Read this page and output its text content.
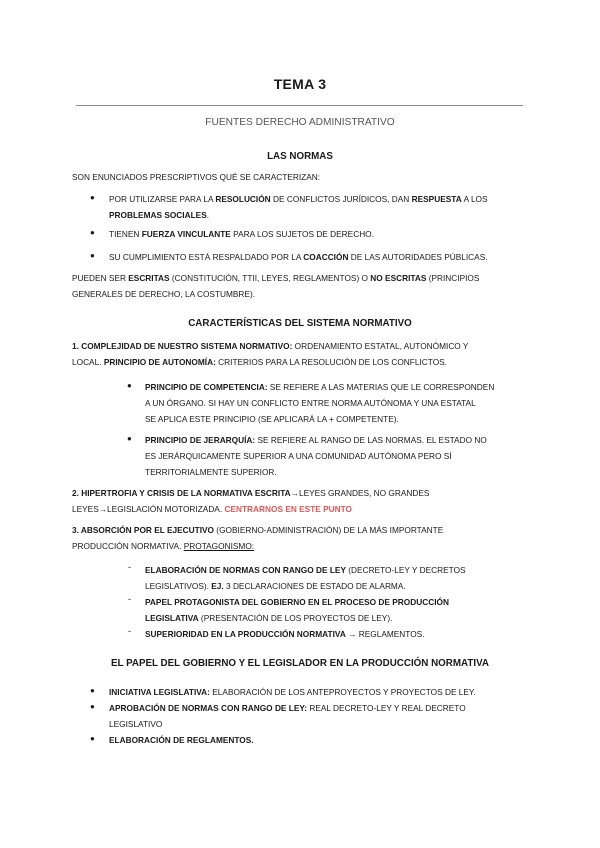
TEMA 3
FUENTES DERECHO ADMINISTRATIVO
LAS NORMAS
SON ENUNCIADOS PRESCRIPTIVOS QUÉ SE CARACTERIZAN:
● POR UTILIZARSE PARA LA RESOLUCIÓN DE CONFLICTOS JURÍDICOS, DAN RESPUESTA A LOS
PROBLEMAS SOCIALES.
● TIENEN FUERZA VINCULANTE PARA LOS SUJETOS DE DERECHO.
● SU CUMPLIMIENTO ESTÁ RESPALDADO POR LA COACCIÓN DE LAS AUTORIDADES PÚBLICAS.
PUEDEN SER ESCRITAS (CONSTITUCIÓN, TTII, LEYES, REGLAMENTOS) O NO ESCRITAS (PRINCIPIOS
GENERALES DE DERECHO, LA COSTUMBRE).
CARACTERÍSTICAS DEL SISTEMA NORMATIVO
1. COMPLEJIDAD DE NUESTRO SISTEMA NORMATIVO: ORDENAMIENTO ESTATAL, AUTONÓMICO Y
LOCAL. PRINCIPIO DE AUTONOMÍA: CRITERIOS PARA LA RESOLUCIÓN DE LOS CONFLICTOS.
● PRINCIPIO DE COMPETENCIA: SE REFIERE A LAS MATERIAS QUE LE CORRESPONDEN
A UN ÓRGANO. SI HAY UN CONFLICTO ENTRE NORMA AUTÓNOMA Y UNA ESTATAL
SE APLICA ESTE PRINCIPIO (SE APLICARÁ LA + COMPETENTE).
● PRINCIPIO DE JERARQUÍA: SE REFIERE AL RANGO DE LAS NORMAS. EL ESTADO NO
ES JERÁRQUICAMENTE SUPERIOR A UNA COMUNIDAD AUTÓNOMA PERO SÍ
TERRITORIALMENTE SUPERIOR.
2. HIPERTROFIA Y CRISIS DE LA NORMATIVA ESCRITA→LEYES GRANDES, NO GRANDES
LEYES→LEGISLACIÓN MOTORIZADA. CENTRARNOS EN ESTE PUNTO
3. ABSORCIÓN POR EL EJECUTIVO (GOBIERNO-ADMINISTRACIÓN) DE LA MÁS IMPORTANTE
PRODUCCIÓN NORMATIVA. PROTAGONISMO:
- ELABORACIÓN DE NORMAS CON RANGO DE LEY (DECRETO-LEY Y DECRETOS
LEGISLATIVOS). EJ. 3 DECLARACIONES DE ESTADO DE ALARMA.
- PAPEL PROTAGONISTA DEL GOBIERNO EN EL PROCESO DE PRODUCCIÓN
LEGISLATIVA (PRESENTACIÓN DE LOS PROYECTOS DE LEY).
- SUPERIORIDAD EN LA PRODUCCIÓN NORMATIVA → REGLAMENTOS.
EL PAPEL DEL GOBIERNO Y EL LEGISLADOR EN LA PRODUCCIÓN NORMATIVA
● INICIATIVA LEGISLATIVA: ELABORACIÓN DE LOS ANTEPROYECTOS Y PROYECTOS DE LEY.
● APROBACIÓN DE NORMAS CON RANGO DE LEY: REAL DECRETO-LEY Y REAL DECRETO
LEGISLATIVO
● ELABORACIÓN DE REGLAMENTOS.
